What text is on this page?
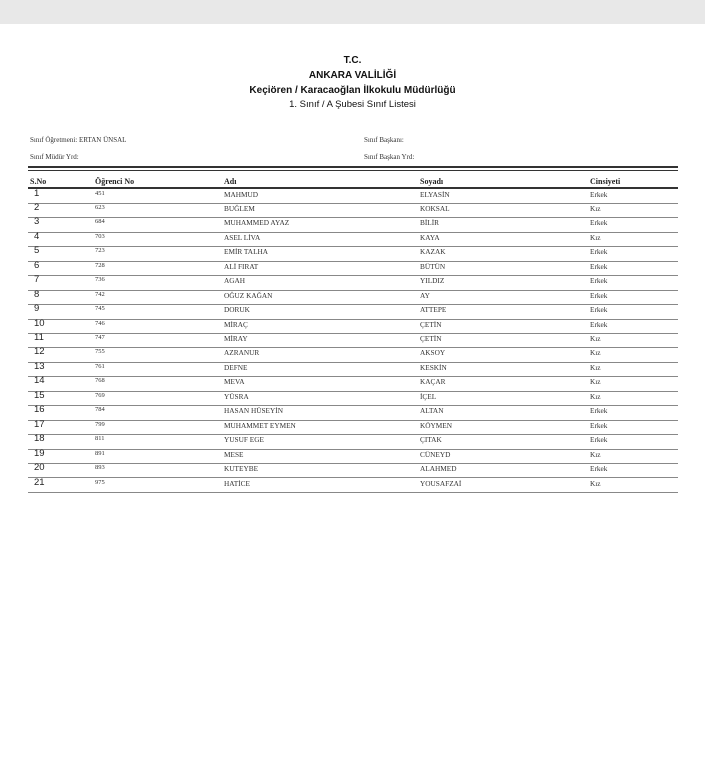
T.C.
ANKARA VALİLİĞİ
Keçiören / Karacaoğlan İlkokulu Müdürlüğü
1. Sınıf / A Şubesi Sınıf Listesi
Sınıf Öğretmeni: ERTAN ÜNSAL	Sınıf Başkanı:
Sınıf Müdür Yrd:	Sınıf Başkan Yrd:
S.No	Öğrenci No	Adı	Soyadı	Cinsiyeti
1	451	MAHMUD	ELYASİN	Erkek
2	623	BUĞLEM	KOKSAL	Kız
3	684	MUHAMMED AYAZ	BİLİR	Erkek
4	703	ASEL LİVA	KAYA	Kız
5	723	EMİR TALHA	KAZAK	Erkek
6	728	ALİ FIRAT	BÜTÜN	Erkek
7	736	AGAH	YILDIZ	Erkek
8	742	OĞUZ KAĞAN	AY	Erkek
9	745	DORUK	ATTEPE	Erkek
10	746	MİRAÇ	ÇETİN	Erkek
11	747	MİRAY	ÇETİN	Kız
12	755	AZRANUR	AKSOY	Kız
13	761	DEFNE	KESKİN	Kız
14	768	MEVA	KAÇAR	Kız
15	769	YÜSRA	İÇEL	Kız
16	784	HASAN HÜSEYİN	ALTAN	Erkek
17	799	MUHAMMET EYMEN	KÖYMEN	Erkek
18	811	YUSUF EGE	ÇITAK	Erkek
19	891	MESE	CÜNEYD	Kız
20	893	KUTEYBE	ALAHMED	Erkek
21	975	HATİCE	YOUSAFZAİ	Kız
